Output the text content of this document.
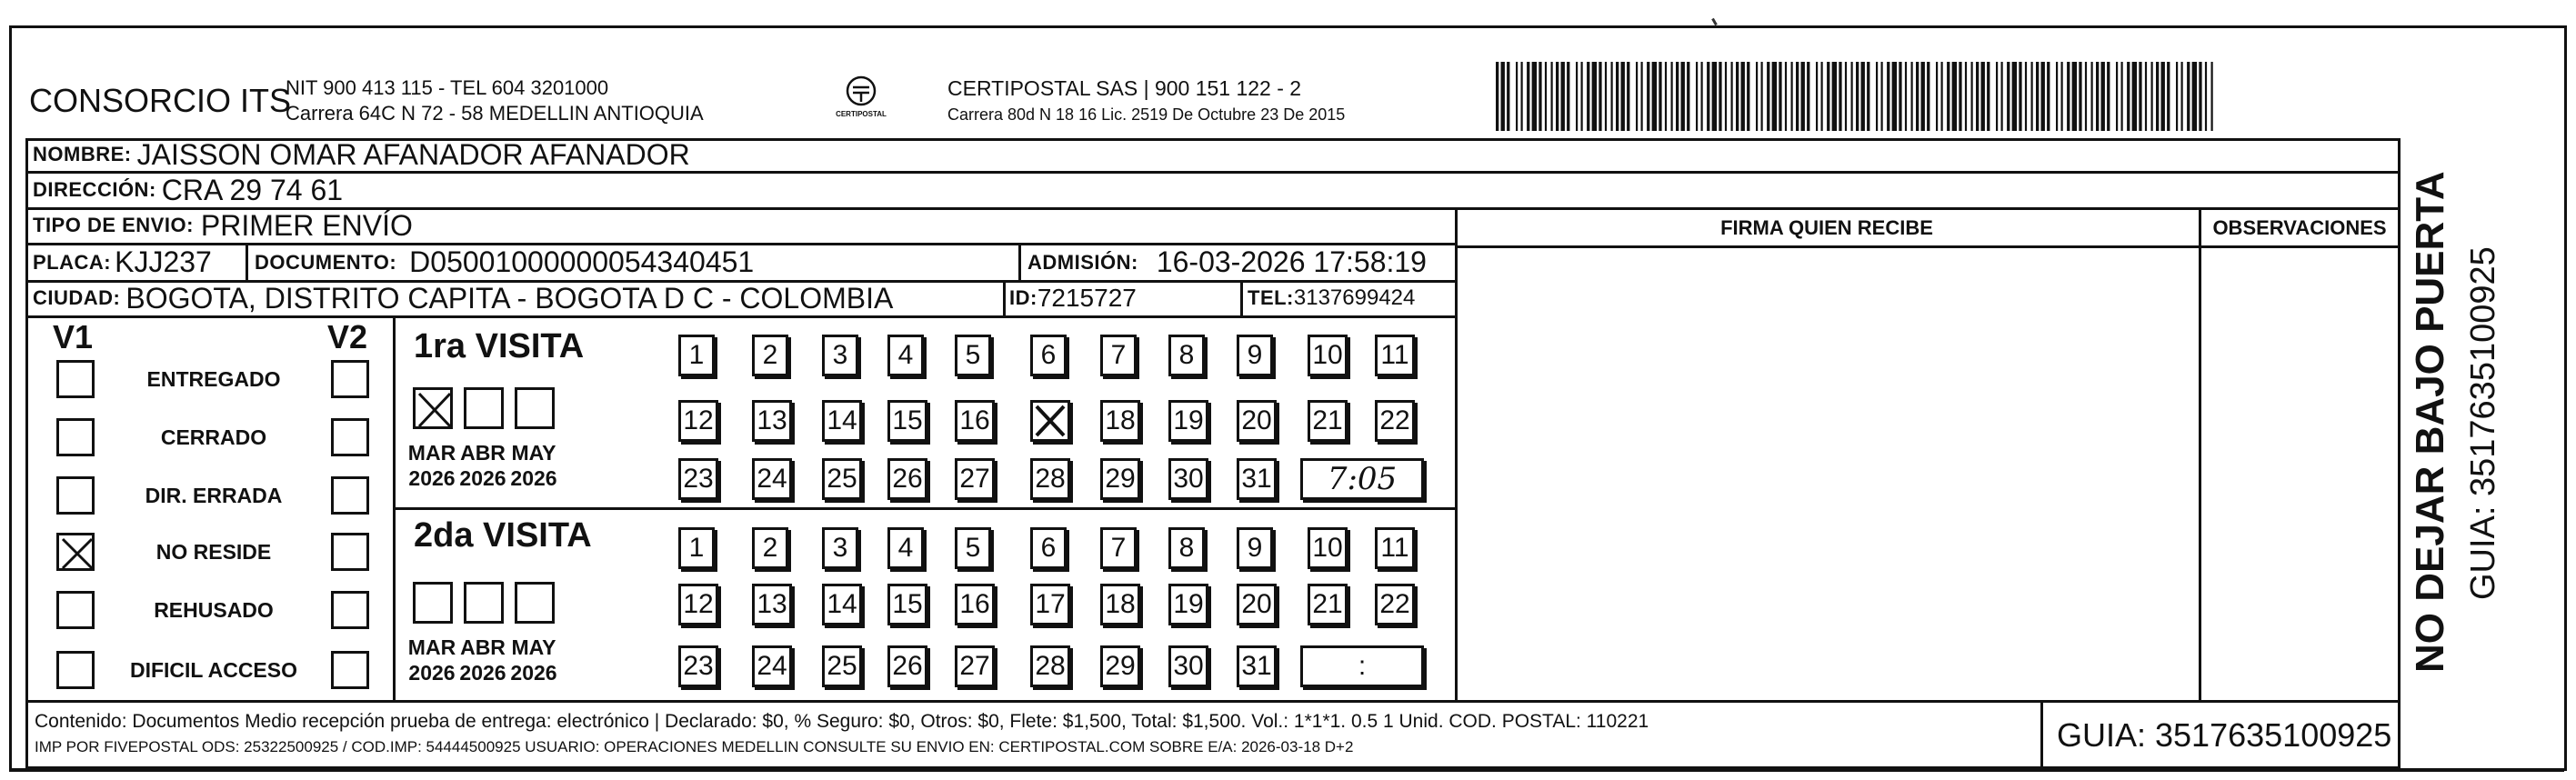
CONSORCIO ITS
NIT 900 413 115 - TEL 604 3201000
Carrera 64C N 72 - 58 MEDELLIN ANTIOQUIA	CERTIPOSTAL
CERTIPOSTAL SAS | 900 151 122 - 2
Carrera 80d N 18 16 Lic. 2519 De Octubre 23 De 2015
NOMBRE: JAISSON OMAR AFANADOR AFANADOR
DIRECCIÓN: CRA 29 74 61
TIPO DE ENVIO: PRIMER ENVÍO
PLACA: KJJ237 DOCUMENTO: D05001000000054340451	ADMISIÓN: 16-03-2026 17:58:19
CIUDAD: BOGOTA, DISTRITO CAPITA - BOGOTA D C - COLOMBIA	ID: 7215727	TEL: 3137699424
FIRMA QUIEN RECIBE	OBSERVACIONES
V1	V2
ENTREGADO
CERRADO
DIR. ERRADA
NO RESIDE
REHUSADO
DIFICIL ACCESO
1ra VISITA
2da VISITA
MAR
2026
ABR
2026
MAY
2026
MAR
2026
ABR
2026
MAY
2026
1	2	3	4	5	6	7	8	9	10 11
12 13 14 15 16	18 19 20 21 22
23 24 25 26 27 28 29 30 31	7:05
1	2	3	4	5	6	7	8	9	10 11
12 13 14 15 16 17 18 19 20 21 22
23 24 25 26 27 28 29 30 31	:	NO DEJAR BAJO PUERTA GUIA: 3517635100925
Contenido: Documentos Medio recepción prueba de entrega: electrónico | Declarado: $0, % Seguro: $0, Otros: $0, Flete: $1,500, Total: $1,500. Vol.: 1*1*1. 0.5 1 Unid. COD. POSTAL: 110221
IMP POR FIVEPOSTAL ODS: 25322500925 / COD.IMP: 54444500925 USUARIO: OPERACIONES MEDELLIN CONSULTE SU ENVIO EN: CERTIPOSTAL.COM SOBRE E/A: 2026-03-18 D+2	GUIA: 3517635100925
